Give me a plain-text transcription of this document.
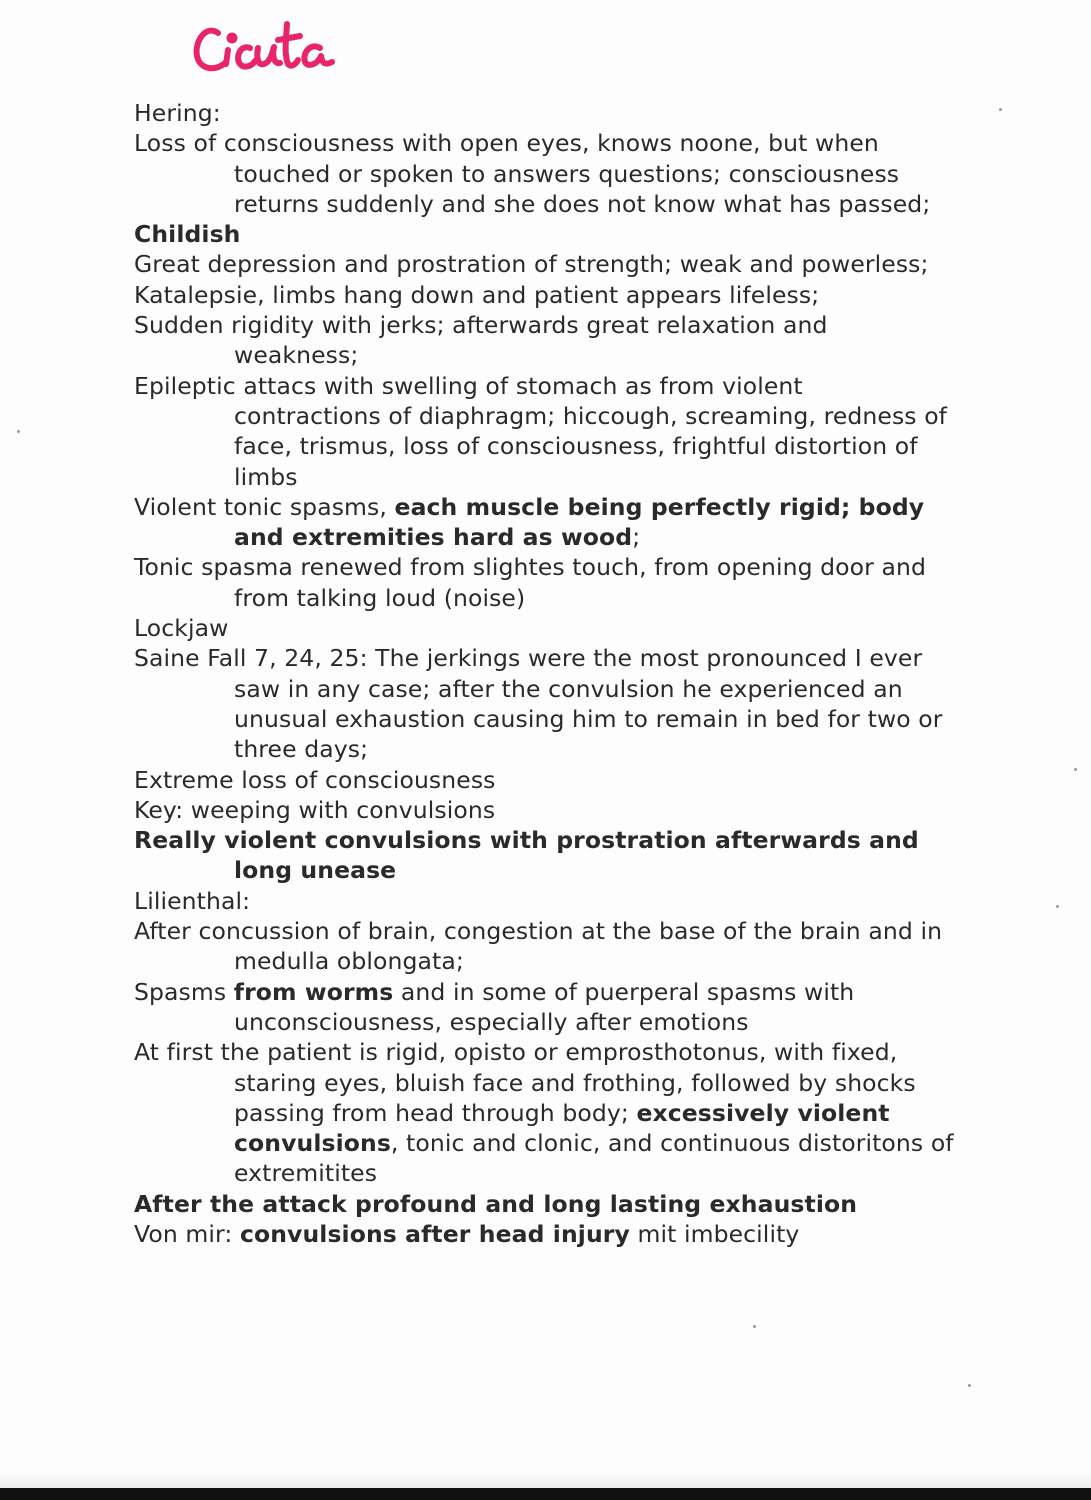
Cicuta

Hering:

Loss of consciousness with open eyes, knows noone, but when touched or spoken to answers questions; consciousness returns suddenly and she does not know what has passed;

Childish

Great depression and prostration of strength; weak and powerless;

Katalepsie, limbs hang down and patient appears lifeless;

Sudden rigidity with jerks; afterwards great relaxation and weakness;

Epileptic attacs with swelling of stomach as from violent contractions of diaphragm; hiccough, screaming, redness of face, trismus, loss of consciousness, frightful distortion of limbs

Violent tonic spasms, each muscle being perfectly rigid; body and extremities hard as wood;

Tonic spasma renewed from slightes touch, from opening door and from talking loud (noise)

Lockjaw

Saine Fall 7, 24, 25: The jerkings were the most pronounced I ever saw in any case; after the convulsion he experienced an unusual exhaustion causing him to remain in bed for two or three days;

Extreme loss of consciousness

Key: weeping with convulsions

Really violent convulsions with prostration afterwards and long unease

Lilienthal:

After concussion of brain, congestion at the base of the brain and in medulla oblongata;

Spasms from worms and in some of puerperal spasms with unconsciousness, especially after emotions

At first the patient is rigid, opisto or emprosthotonus, with fixed, staring eyes, bluish face and frothing, followed by shocks passing from head through body; excessively violent convulsions, tonic and clonic, and continuous distoritons of extremitites

After the attack profound and long lasting exhaustion

Von mir: convulsions after head injury mit imbecility
